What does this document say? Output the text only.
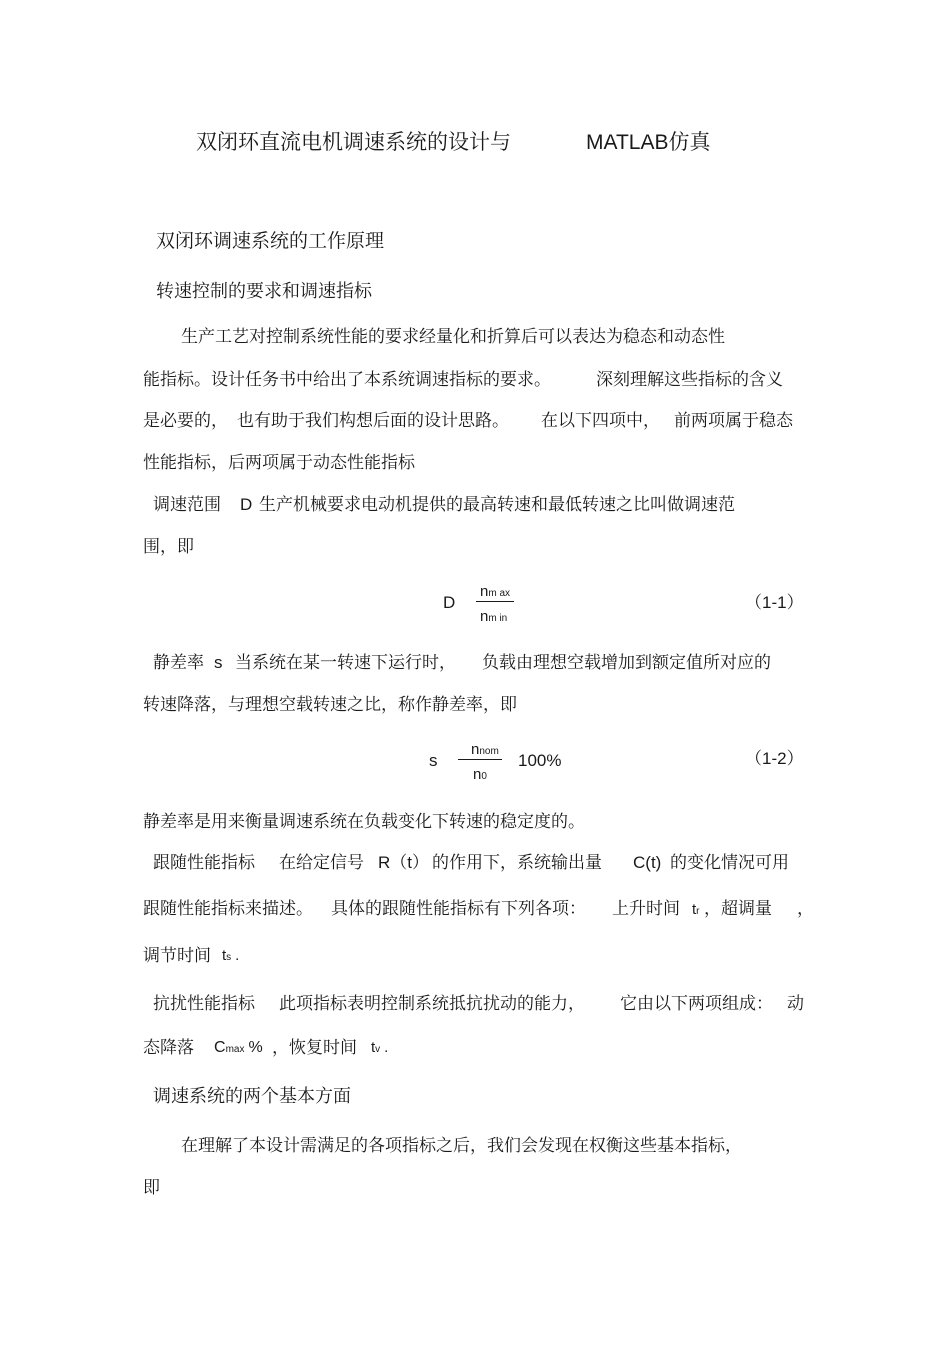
双闭环直流电机调速系统的设计与	MATLAB仿真
双闭环调速系统的工作原理
转速控制的要求和调速指标
生产工艺对控制系统性能的要求经量化和折算后可以表达为稳态和动态性
能指标。设计任务书中给出了本系统调速指标的要求。	深刻理解这些指标的含义
是必要的， 也有助于我们构想后面的设计思路。 在以下四项中， 前两项属于稳态
性能指标，后两项属于动态性能指标
调速范围 D 生产机械要求电动机提供的最高转速和最低转速之比叫做调速范
围，即
D
nm ax
nm in
（1-1）
静差率 s 当系统在某一转速下运行时， 负载由理想空载增加到额定值所对应的
转速降落，与理想空载转速之比，称作静差率，即
s
nnom
n0
100%	（1-2）
静差率是用来衡量调速系统在负载变化下转速的稳定度的。
跟随性能指标 在给定信号 R（t） 的作用下，系统输出量 C(t) 的变化情况可用
跟随性能指标来描述。 具体的跟随性能指标有下列各项： 上升时间 tr ，超调量 ，
调节时间 ts .
抗扰性能指标 此项指标表明控制系统抵抗扰动的能力， 它由以下两项组成： 动
态降落 Cmax % ，恢复时间 tv .
调速系统的两个基本方面
在理解了本设计需满足的各项指标之后，我们会发现在权衡这些基本指标，
即
